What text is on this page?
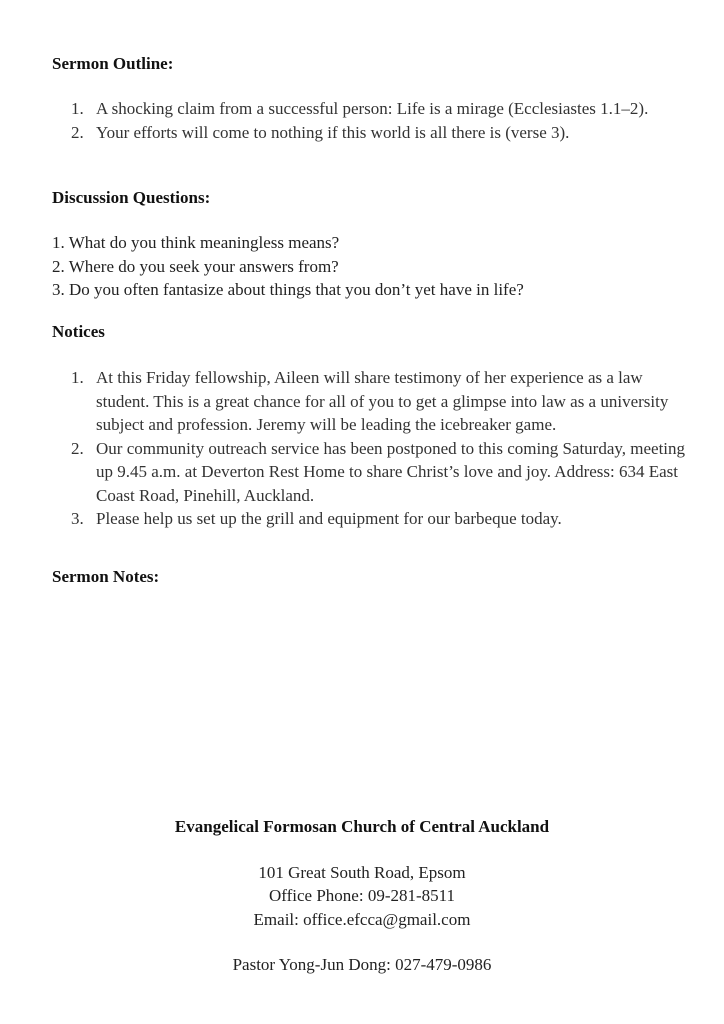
Sermon Outline:
1. A shocking claim from a successful person: Life is a mirage (Ecclesiastes 1.1–2).
2. Your efforts will come to nothing if this world is all there is (verse 3).
Discussion Questions:
1. What do you think meaningless means?
2. Where do you seek your answers from?
3. Do you often fantasize about things that you don’t yet have in life?
Notices
1. At this Friday fellowship, Aileen will share testimony of her experience as a law student. This is a great chance for all of you to get a glimpse into law as a university subject and profession. Jeremy will be leading the icebreaker game.
2. Our community outreach service has been postponed to this coming Saturday, meeting up 9.45 a.m. at Deverton Rest Home to share Christ’s love and joy. Address: 634 East Coast Road, Pinehill, Auckland.
3. Please help us set up the grill and equipment for our barbeque today.
Sermon Notes:
Evangelical Formosan Church of Central Auckland
101 Great South Road, Epsom
Office Phone: 09-281-8511
Email: office.efcca@gmail.com
Pastor Yong-Jun Dong: 027-479-0986
